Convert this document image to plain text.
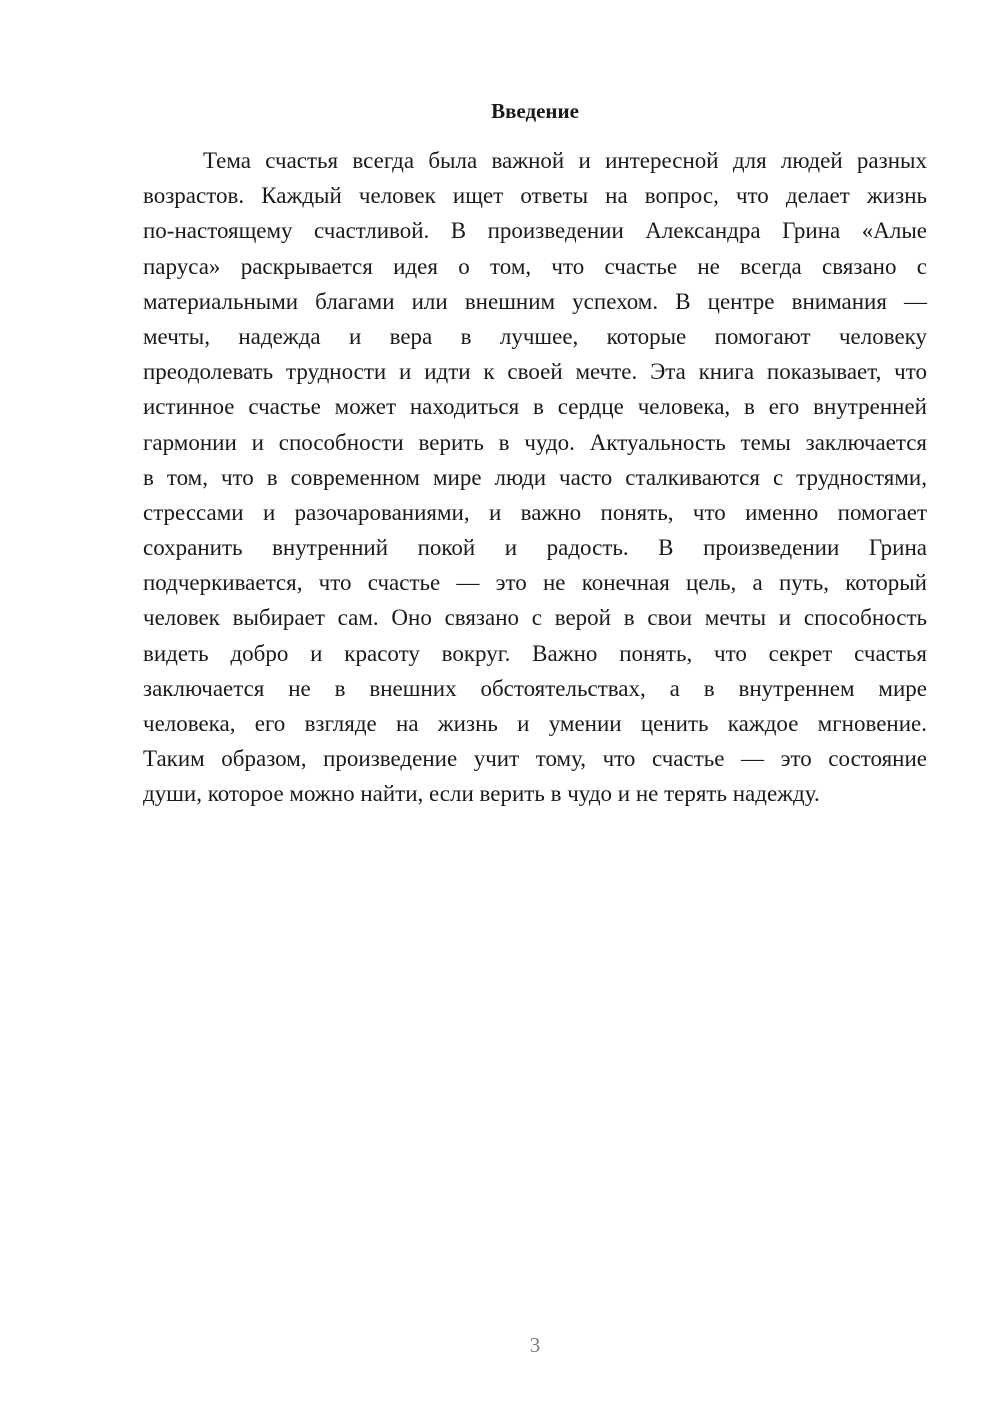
Введение
Тема счастья всегда была важной и интересной для людей разных
возрастов. Каждый человек ищет ответы на вопрос, что делает жизнь
по-настоящему счастливой. В произведении Александра Грина «Алые
паруса» раскрывается идея о том, что счастье не всегда связано с
материальными благами или внешним успехом. В центре внимания —
мечты, надежда и вера в лучшее, которые помогают человеку
преодолевать трудности и идти к своей мечте. Эта книга показывает, что
истинное счастье может находиться в сердце человека, в его внутренней
гармонии и способности верить в чудо. Актуальность темы заключается
в том, что в современном мире люди часто сталкиваются с трудностями,
стрессами и разочарованиями, и важно понять, что именно помогает
сохранить внутренний покой и радость. В произведении Грина
подчеркивается, что счастье — это не конечная цель, а путь, который
человек выбирает сам. Оно связано с верой в свои мечты и способность
видеть добро и красоту вокруг. Важно понять, что секрет счастья
заключается не в внешних обстоятельствах, а в внутреннем мире
человека, его взгляде на жизнь и умении ценить каждое мгновение.
Таким образом, произведение учит тому, что счастье — это состояние
души, которое можно найти, если верить в чудо и не терять надежду.

3
